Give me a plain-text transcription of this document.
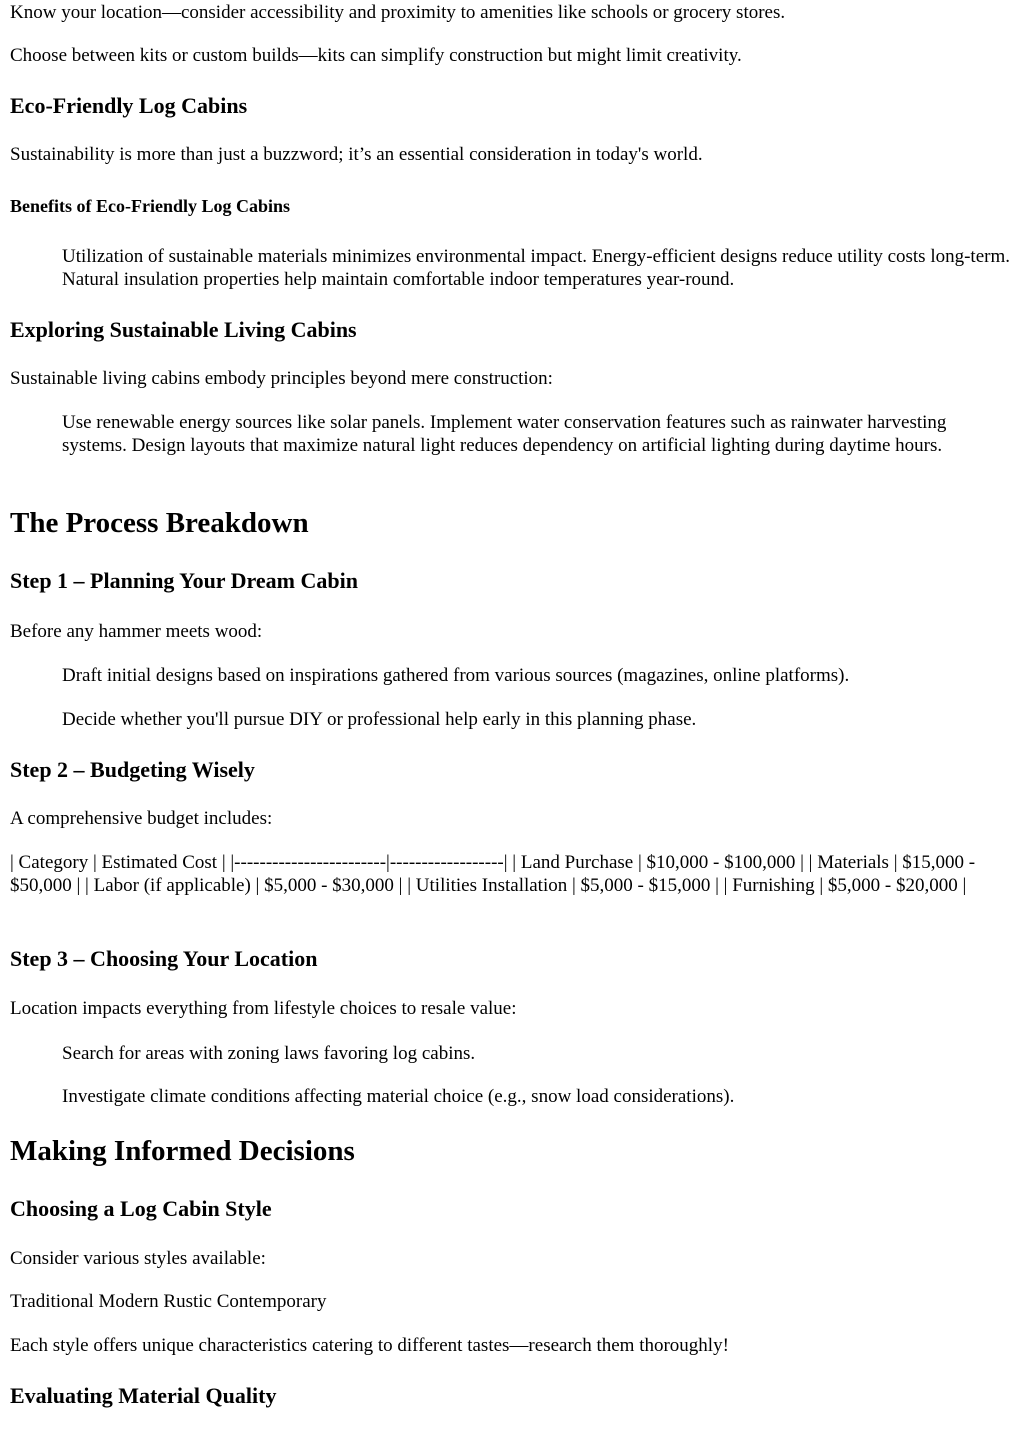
Know your location—consider accessibility and proximity to amenities like schools or grocery stores.

Choose between kits or custom builds—kits can simplify construction but might limit creativity.

Eco-Friendly Log Cabins

Sustainability is more than just a buzzword; it’s an essential consideration in today's world.

Benefits of Eco-Friendly Log Cabins
Utilization of sustainable materials minimizes environmental impact. Energy-efficient designs reduce utility costs long-term. Natural insulation properties help maintain comfortable indoor temperatures year-round.
Exploring Sustainable Living Cabins

Sustainable living cabins embody principles beyond mere construction:

Use renewable energy sources like solar panels. Implement water conservation features such as rainwater harvesting systems. Design layouts that maximize natural light reduces dependency on artificial lighting during daytime hours.
The Process Breakdown
Step 1 – Planning Your Dream Cabin

Before any hammer meets wood:

Draft initial designs based on inspirations gathered from various sources (magazines, online platforms).
Decide whether you'll pursue DIY or professional help early in this planning phase.
Step 2 – Budgeting Wisely

A comprehensive budget includes:

| Category | Estimated Cost | |------------------------|------------------| | Land Purchase | $10,000 - $100,000 | | Materials | $15,000 - $50,000 | | Labor (if applicable) | $5,000 - $30,000 | | Utilities Installation | $5,000 - $15,000 | | Furnishing | $5,000 - $20,000 |

Step 3 – Choosing Your Location

Location impacts everything from lifestyle choices to resale value:

Search for areas with zoning laws favoring log cabins.
Investigate climate conditions affecting material choice (e.g., snow load considerations).
Making Informed Decisions
Choosing a Log Cabin Style

Consider various styles available:

Traditional Modern Rustic Contemporary

Each style offers unique characteristics catering to different tastes—research them thoroughly!

Evaluating Material Quality
